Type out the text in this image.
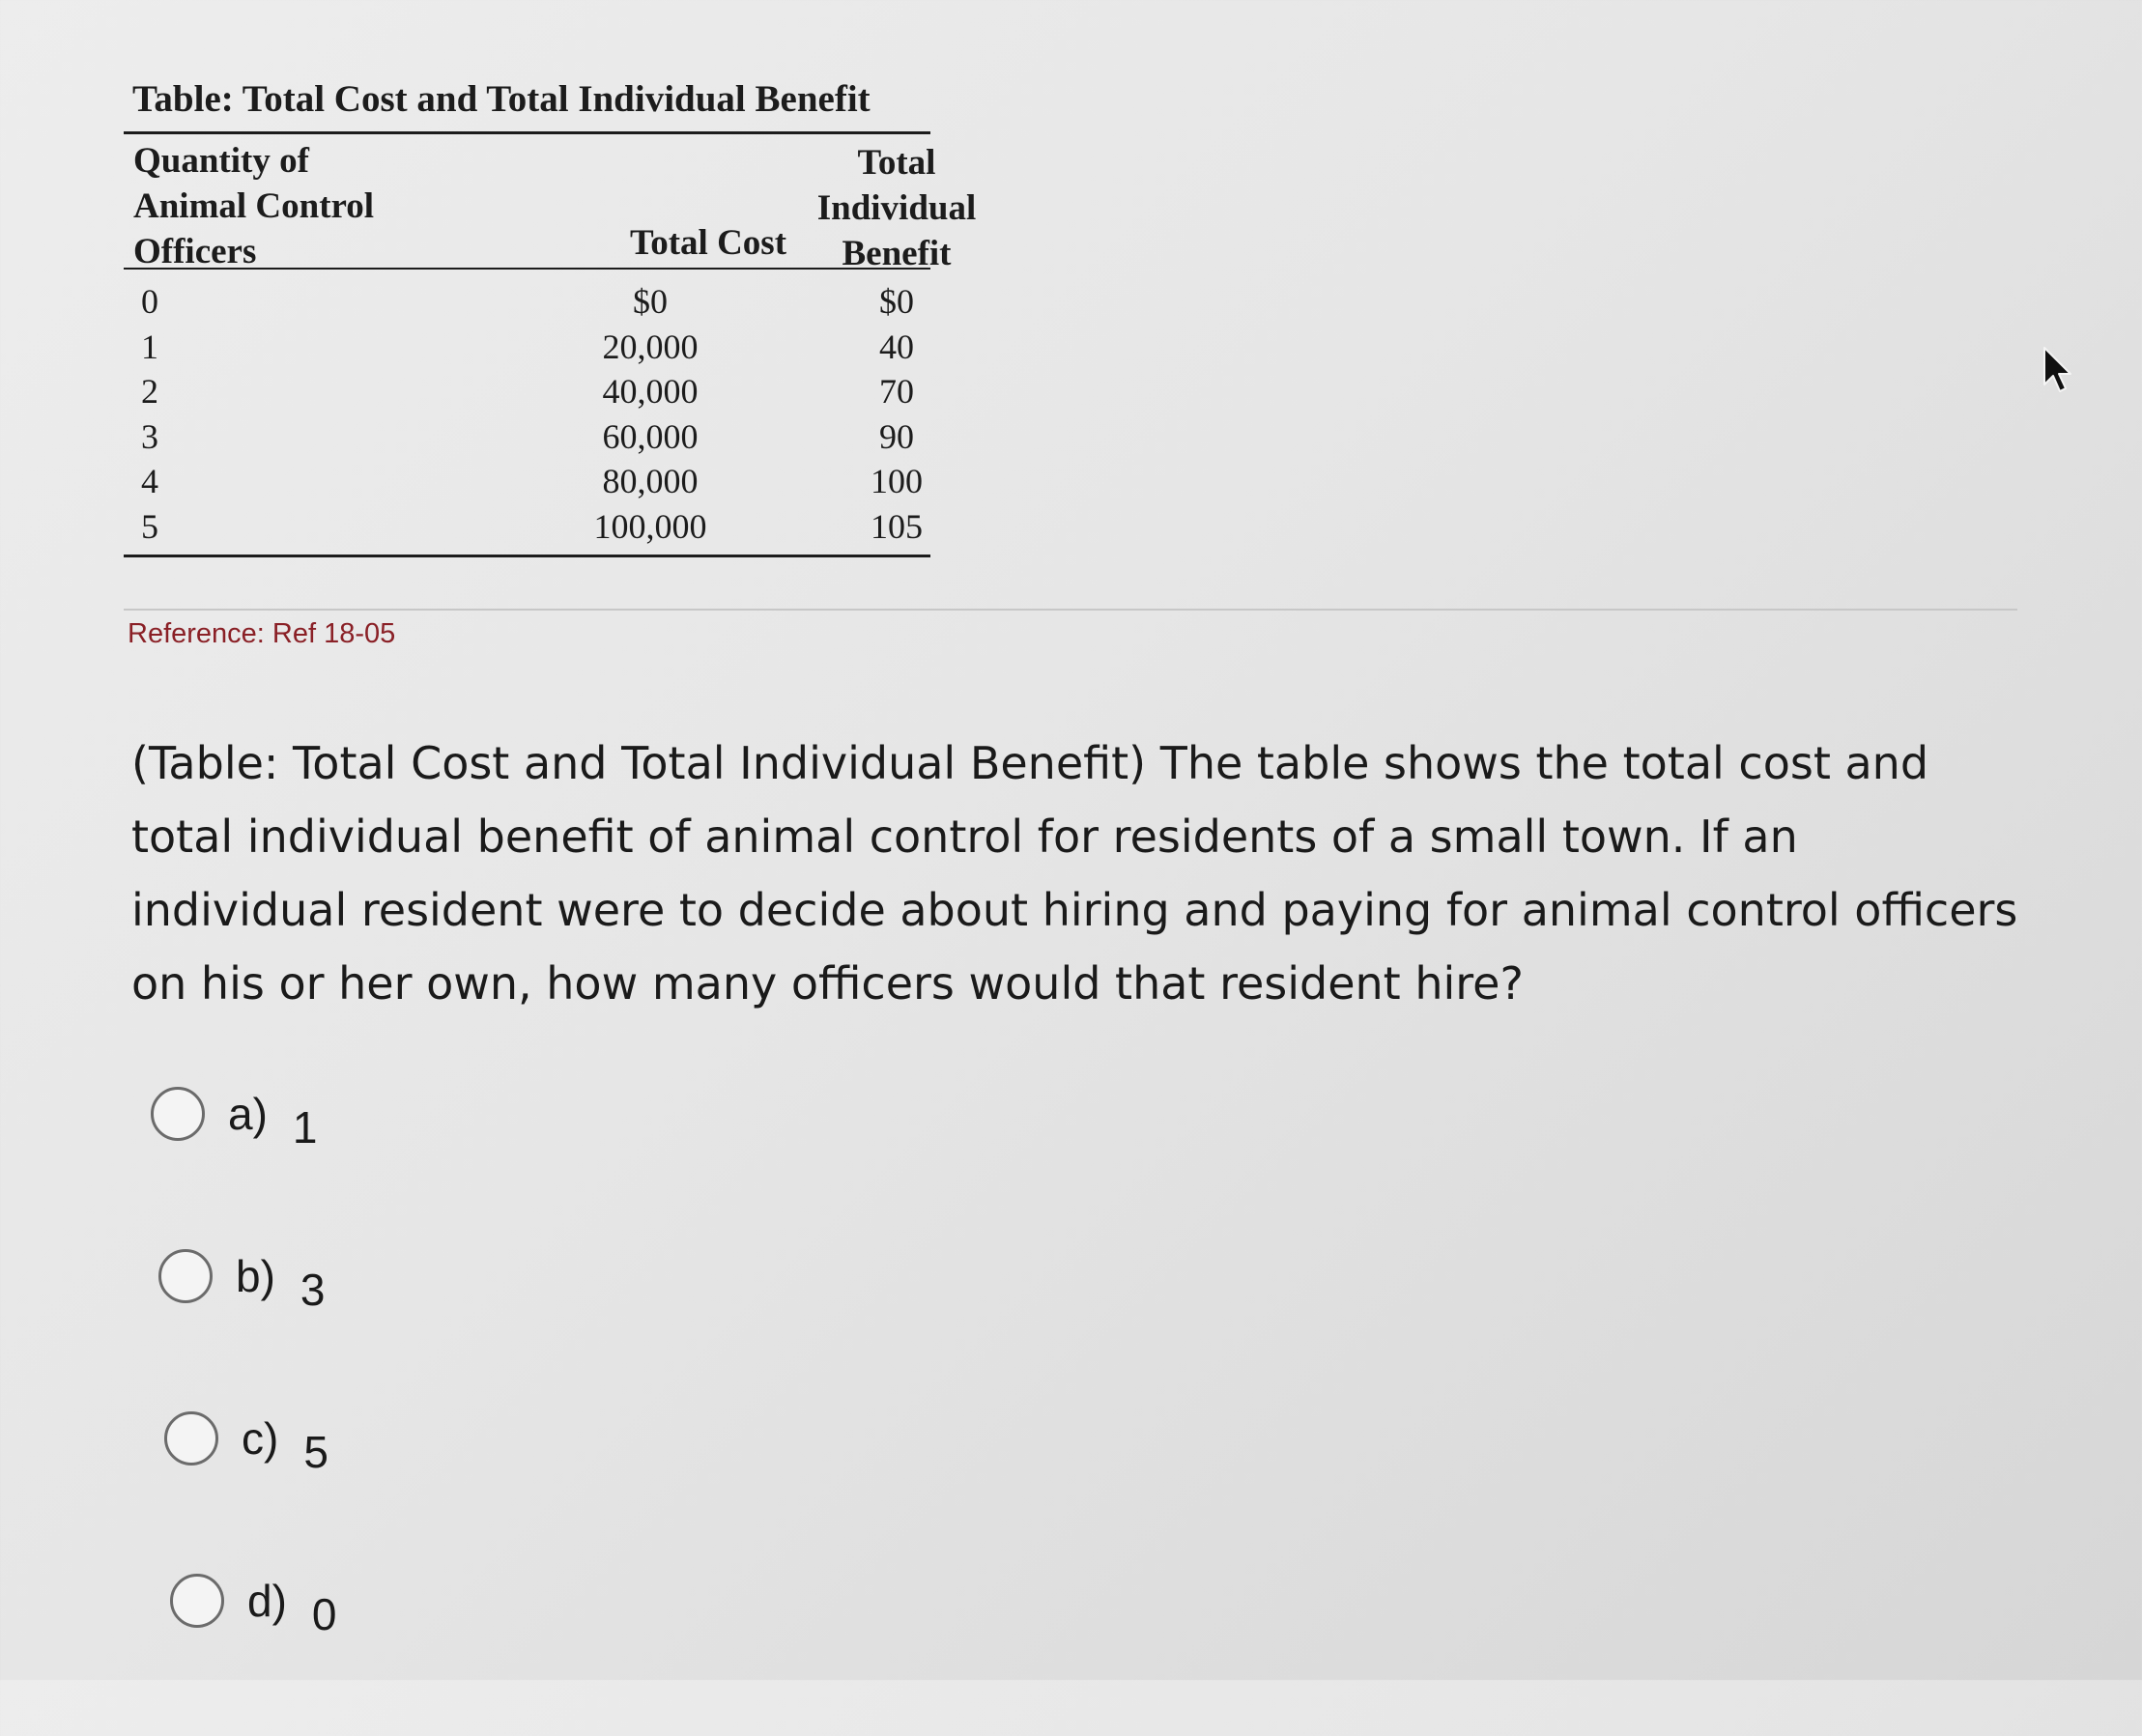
Table: Total Cost and Total Individual Benefit
Quantity of
Animal Control
Officers	Total Cost
Total
Individual
Benefit
0	$0	$0
1	20,000	40
2	40,000	70
3	60,000	90
4	80,000	100
5	100,000	105
Reference: Ref 18-05
(Table: Total Cost and Total Individual Benefit) The table shows the total cost and total individual benefit of animal control for residents of a small town. If an individual resident were to decide about hiring and paying for animal control officers on his or her own, how many officers would that resident hire?
a) 1
b) 3
c) 5
d) 0
